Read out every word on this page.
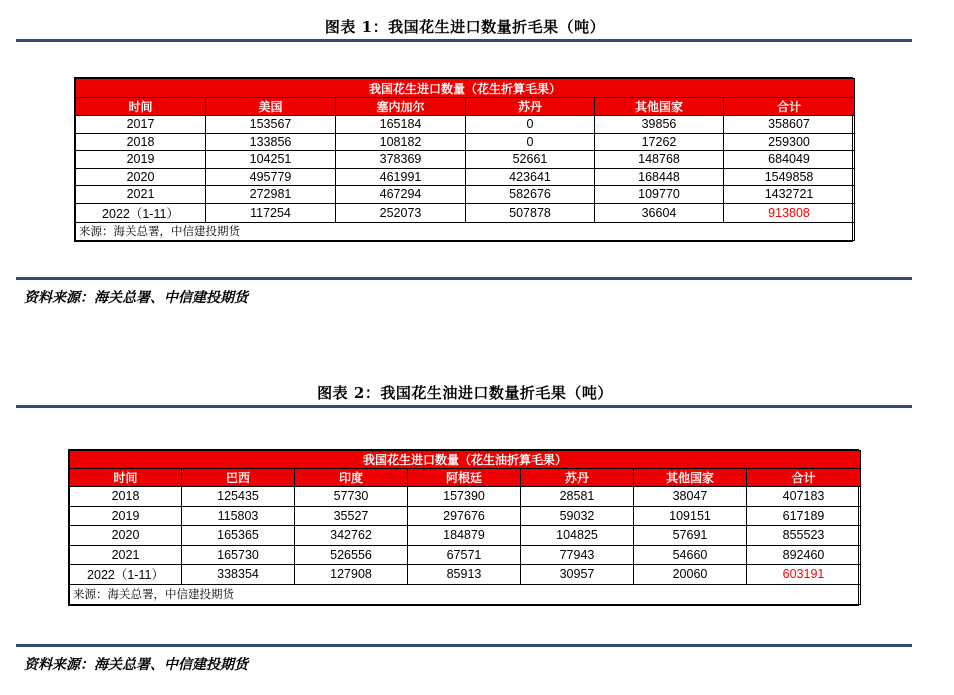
图表 1：我国花生进口数量折毛果（吨）
我国花生进口数量（花生折算毛果）					
时间	美国	塞内加尔	苏丹	其他国家	合计
2017	153567	165184	0	39856	358607
2018	133856	108182	0	17262	259300
2019	104251	378369	52661	148768	684049
2020	495779	461991	423641	168448	1549858
2021	272981	467294	582676	109770	1432721
2022（1-11）	117254	252073	507878	36604	913808
来源：海关总署，中信建投期货					
资料来源：海关总署、中信建投期货
图表 2：我国花生油进口数量折毛果（吨）
我国花生进口数量（花生油折算毛果）						
时间	巴西	印度	阿根廷	苏丹	其他国家	合计
2018	125435	57730	157390	28581	38047	407183
2019	115803	35527	297676	59032	109151	617189
2020	165365	342762	184879	104825	57691	855523
2021	165730	526556	67571	77943	54660	892460
2022（1-11）	338354	127908	85913	30957	20060	603191
来源：海关总署，中信建投期货						
资料来源：海关总署、中信建投期货
